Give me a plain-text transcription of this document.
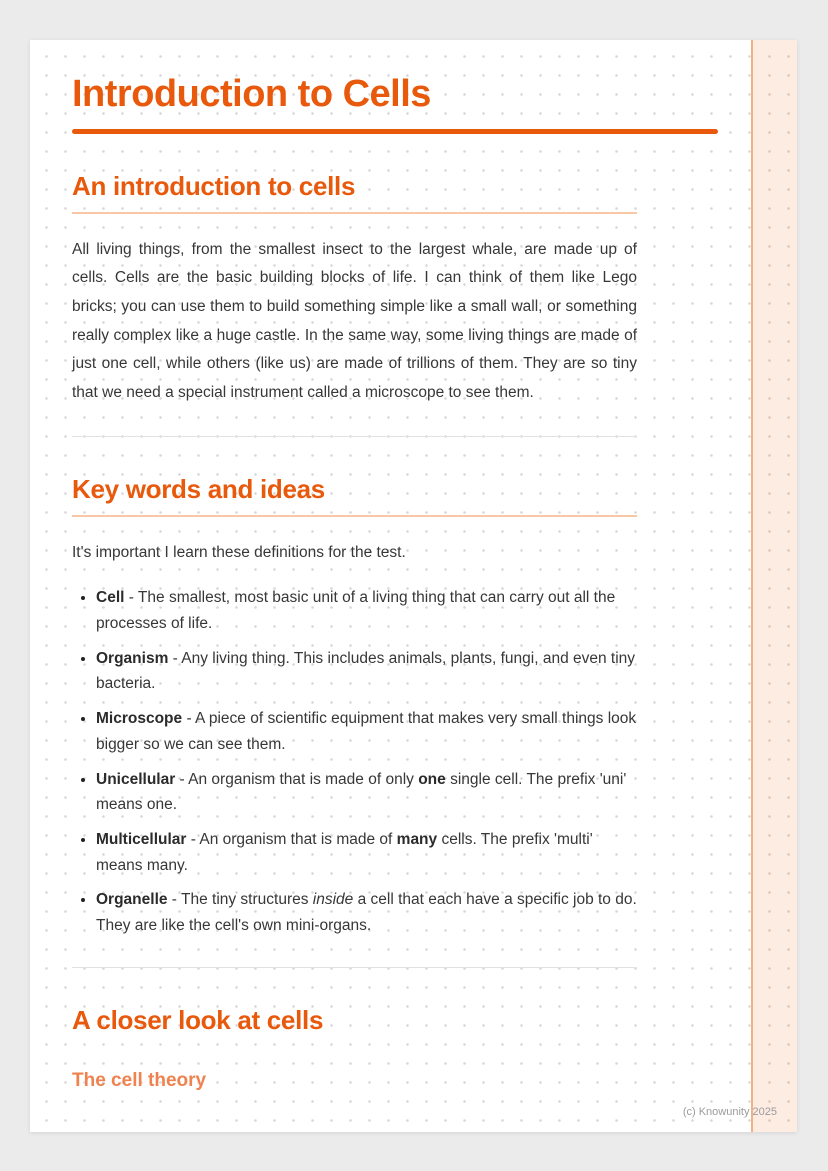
Introduction to Cells
An introduction to cells

All living things, from the smallest insect to the largest whale, are made up of cells. Cells are the basic building blocks of life. I can think of them like Lego bricks; you can use them to build something simple like a small wall, or something really complex like a huge castle. In the same way, some living things are made of just one cell, while others (like us) are made of trillions of them. They are so tiny that we need a special instrument called a microscope to see them.

Key words and ideas

It's important I learn these definitions for the test.

• Cell - The smallest, most basic unit of a living thing that can carry out all the processes of life.
• Organism - Any living thing. This includes animals, plants, fungi, and even tiny bacteria.
• Microscope - A piece of scientific equipment that makes very small things look bigger so we can see them.
• Unicellular - An organism that is made of only one single cell. The prefix 'uni' means one.
• Multicellular - An organism that is made of many cells. The prefix 'multi' means many.
• Organelle - The tiny structures inside a cell that each have a specific job to do. They are like the cell's own mini-organs.
A closer look at cells
The cell theory
(c) Knowunity 2025
